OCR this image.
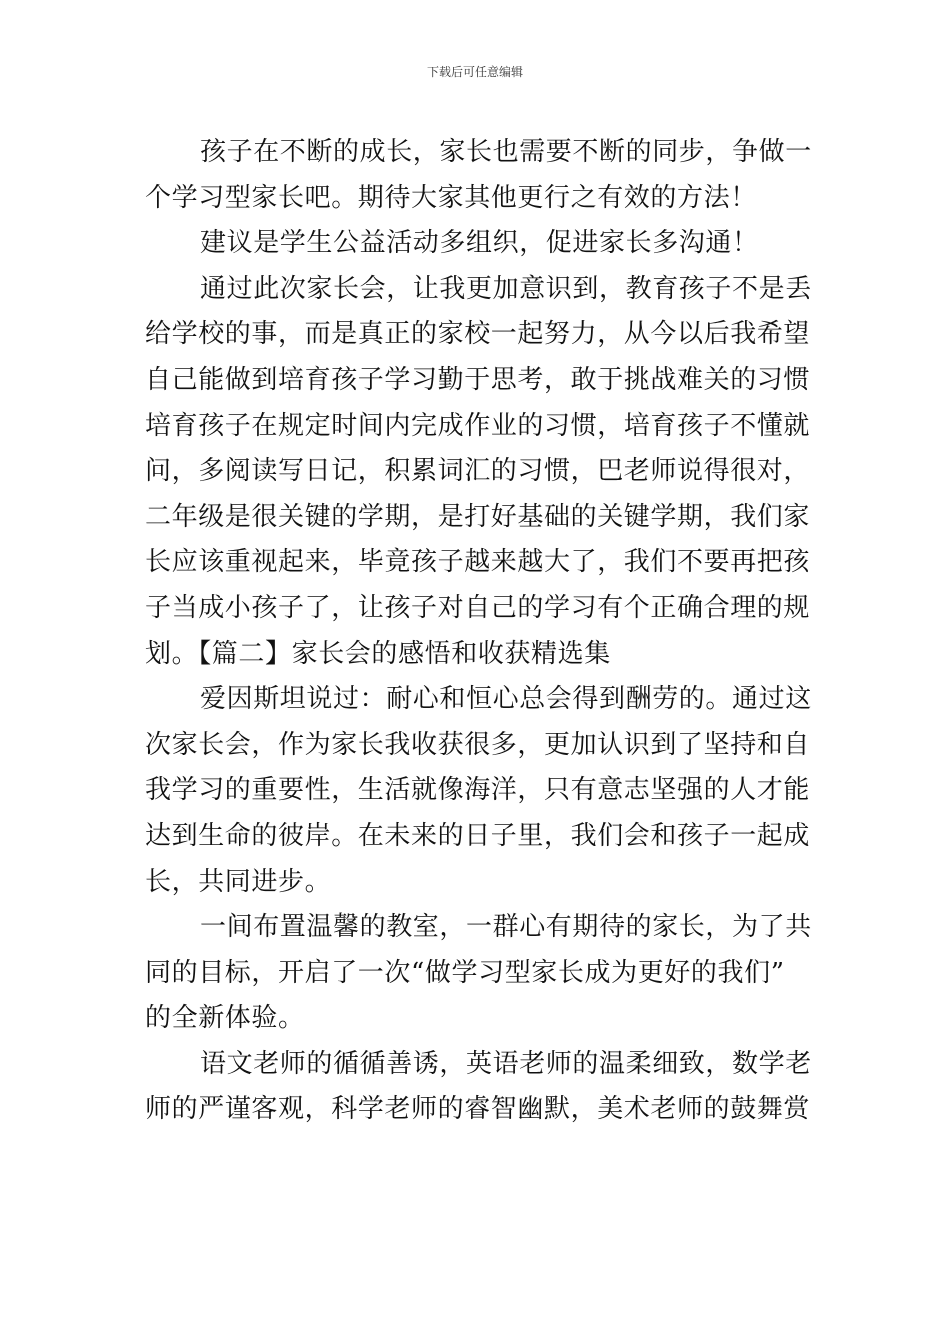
下载后可任意编辑
孩子在不断的成长，家长也需要不断的同步，争做一
个学习型家长吧。期待大家其他更行之有效的方法！
建议是学生公益活动多组织，促进家长多沟通！
通过此次家长会，让我更加意识到，教育孩子不是丢
给学校的事，而是真正的家校一起努力，从今以后我希望
自己能做到培育孩子学习勤于思考，敢于挑战难关的习惯
培育孩子在规定时间内完成作业的习惯，培育孩子不懂就
问，多阅读写日记，积累词汇的习惯，巴老师说得很对，
二年级是很关键的学期，是打好基础的关键学期，我们家
长应该重视起来，毕竟孩子越来越大了，我们不要再把孩
子当成小孩子了，让孩子对自己的学习有个正确合理的规
划。【篇二】家长会的感悟和收获精选集
爱因斯坦说过：耐心和恒心总会得到酬劳的。通过这
次家长会，作为家长我收获很多，更加认识到了坚持和自
我学习的重要性，生活就像海洋，只有意志坚强的人才能
达到生命的彼岸。在未来的日子里，我们会和孩子一起成
长，共同进步。
一间布置温馨的教室，一群心有期待的家长，为了共
同的目标，开启了一次“做学习型家长成为更好的我们”
的全新体验。
语文老师的循循善诱，英语老师的温柔细致，数学老
师的严谨客观，科学老师的睿智幽默，美术老师的鼓舞赏
